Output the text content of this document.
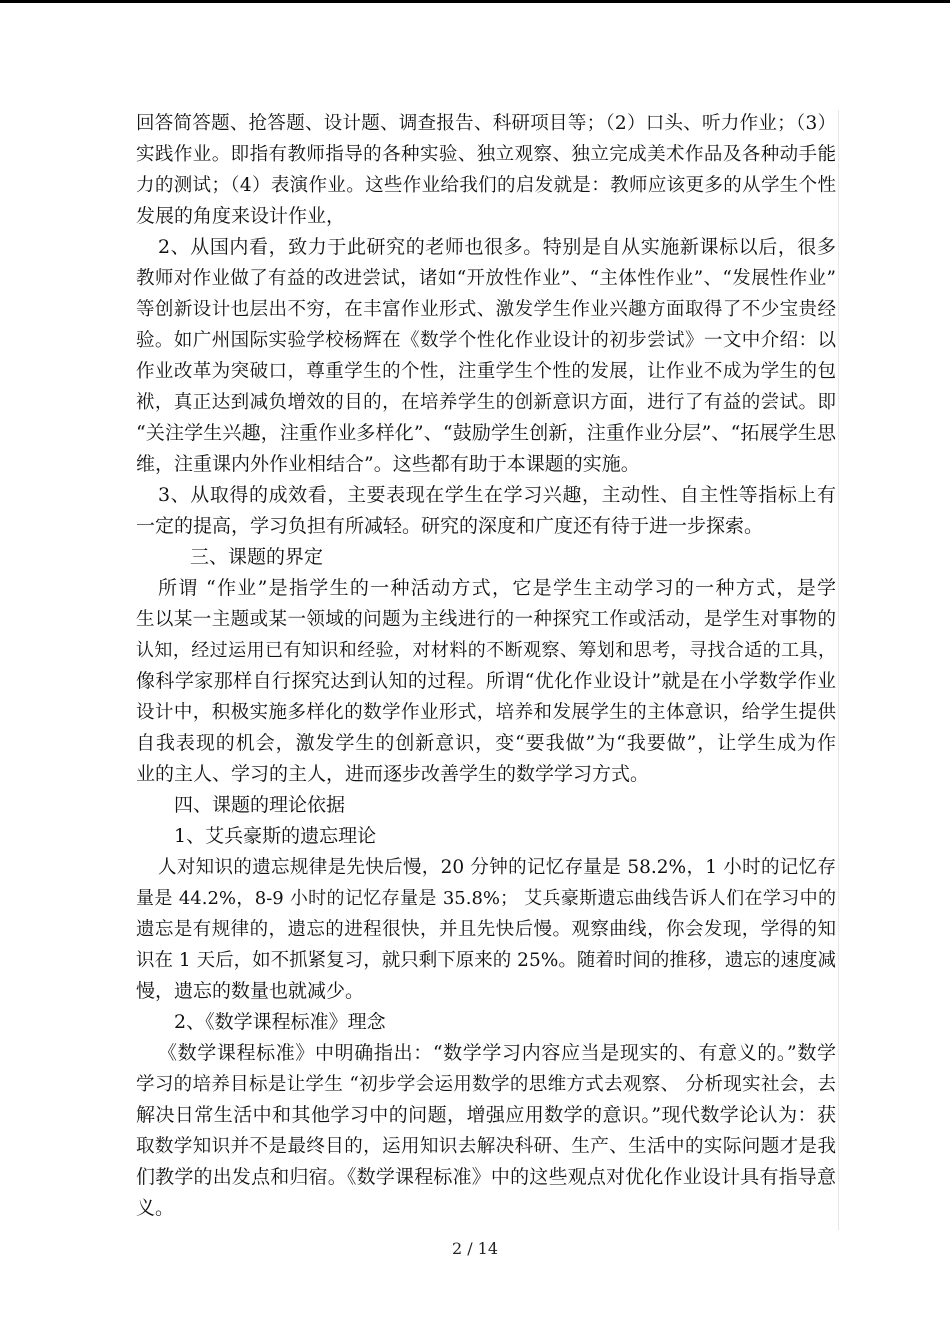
回答简答题、抢答题、设计题、调查报告、科研项目等；（2）口头、听力作业；（3）
实践作业。即指有教师指导的各种实验、独立观察、独立完成美术作品及各种动手能
力的测试；（4）表演作业。这些作业给我们的启发就是：教师应该更多的从学生个性
发展的角度来设计作业，
2、从国内看，致力于此研究的老师也很多。特别是自从实施新课标以后，很多
教师对作业做了有益的改进尝试，诸如“开放性作业”、“主体性作业”、“发展性作业”
等创新设计也层出不穷，在丰富作业形式、激发学生作业兴趣方面取得了不少宝贵经
验。如广州国际实验学校杨辉在《数学个性化作业设计的初步尝试》一文中介绍：以
作业改革为突破口，尊重学生的个性，注重学生个性的发展，让作业不成为学生的包
袱，真正达到减负增效的目的，在培养学生的创新意识方面，进行了有益的尝试。即
“关注学生兴趣，注重作业多样化”、“鼓励学生创新，注重作业分层”、“拓展学生思
维，注重课内外作业相结合”。这些都有助于本课题的实施。
3、从取得的成效看，主要表现在学生在学习兴趣，主动性、自主性等指标上有
一定的提高，学习负担有所减轻。研究的深度和广度还有待于进一步探索。
三、课题的界定
所谓 “作业”是指学生的一种活动方式，它是学生主动学习的一种方式，是学
生以某一主题或某一领域的问题为主线进行的一种探究工作或活动，是学生对事物的
认知，经过运用已有知识和经验，对材料的不断观察、筹划和思考，寻找合适的工具，
像科学家那样自行探究达到认知的过程。所谓“优化作业设计”就是在小学数学作业
设计中，积极实施多样化的数学作业形式，培养和发展学生的主体意识，给学生提供
自我表现的机会，激发学生的创新意识，变“要我做”为“我要做”，让学生成为作
业的主人、学习的主人，进而逐步改善学生的数学学习方式。
四、课题的理论依据
1、艾兵豪斯的遗忘理论
人对知识的遗忘规律是先快后慢，20 分钟的记忆存量是 58.2%，1 小时的记忆存
量是 44.2%，8-9 小时的记忆存量是 35.8%； 艾兵豪斯遗忘曲线告诉人们在学习中的
遗忘是有规律的，遗忘的进程很快，并且先快后慢。观察曲线，你会发现，学得的知
识在 1 天后，如不抓紧复习，就只剩下原来的 25%。随着时间的推移，遗忘的速度减
慢，遗忘的数量也就减少。
2、《数学课程标准》理念
《数学课程标准》中明确指出：“数学学习内容应当是现实的、有意义的。”数学
学习的培养目标是让学生 “初步学会运用数学的思维方式去观察、 分析现实社会，去
解决日常生活中和其他学习中的问题，增强应用数学的意识。”现代数学论认为：获
取数学知识并不是最终目的，运用知识去解决科研、生产、生活中的实际问题才是我
们教学的出发点和归宿。《数学课程标准》中的这些观点对优化作业设计具有指导意
义。
2 / 14
